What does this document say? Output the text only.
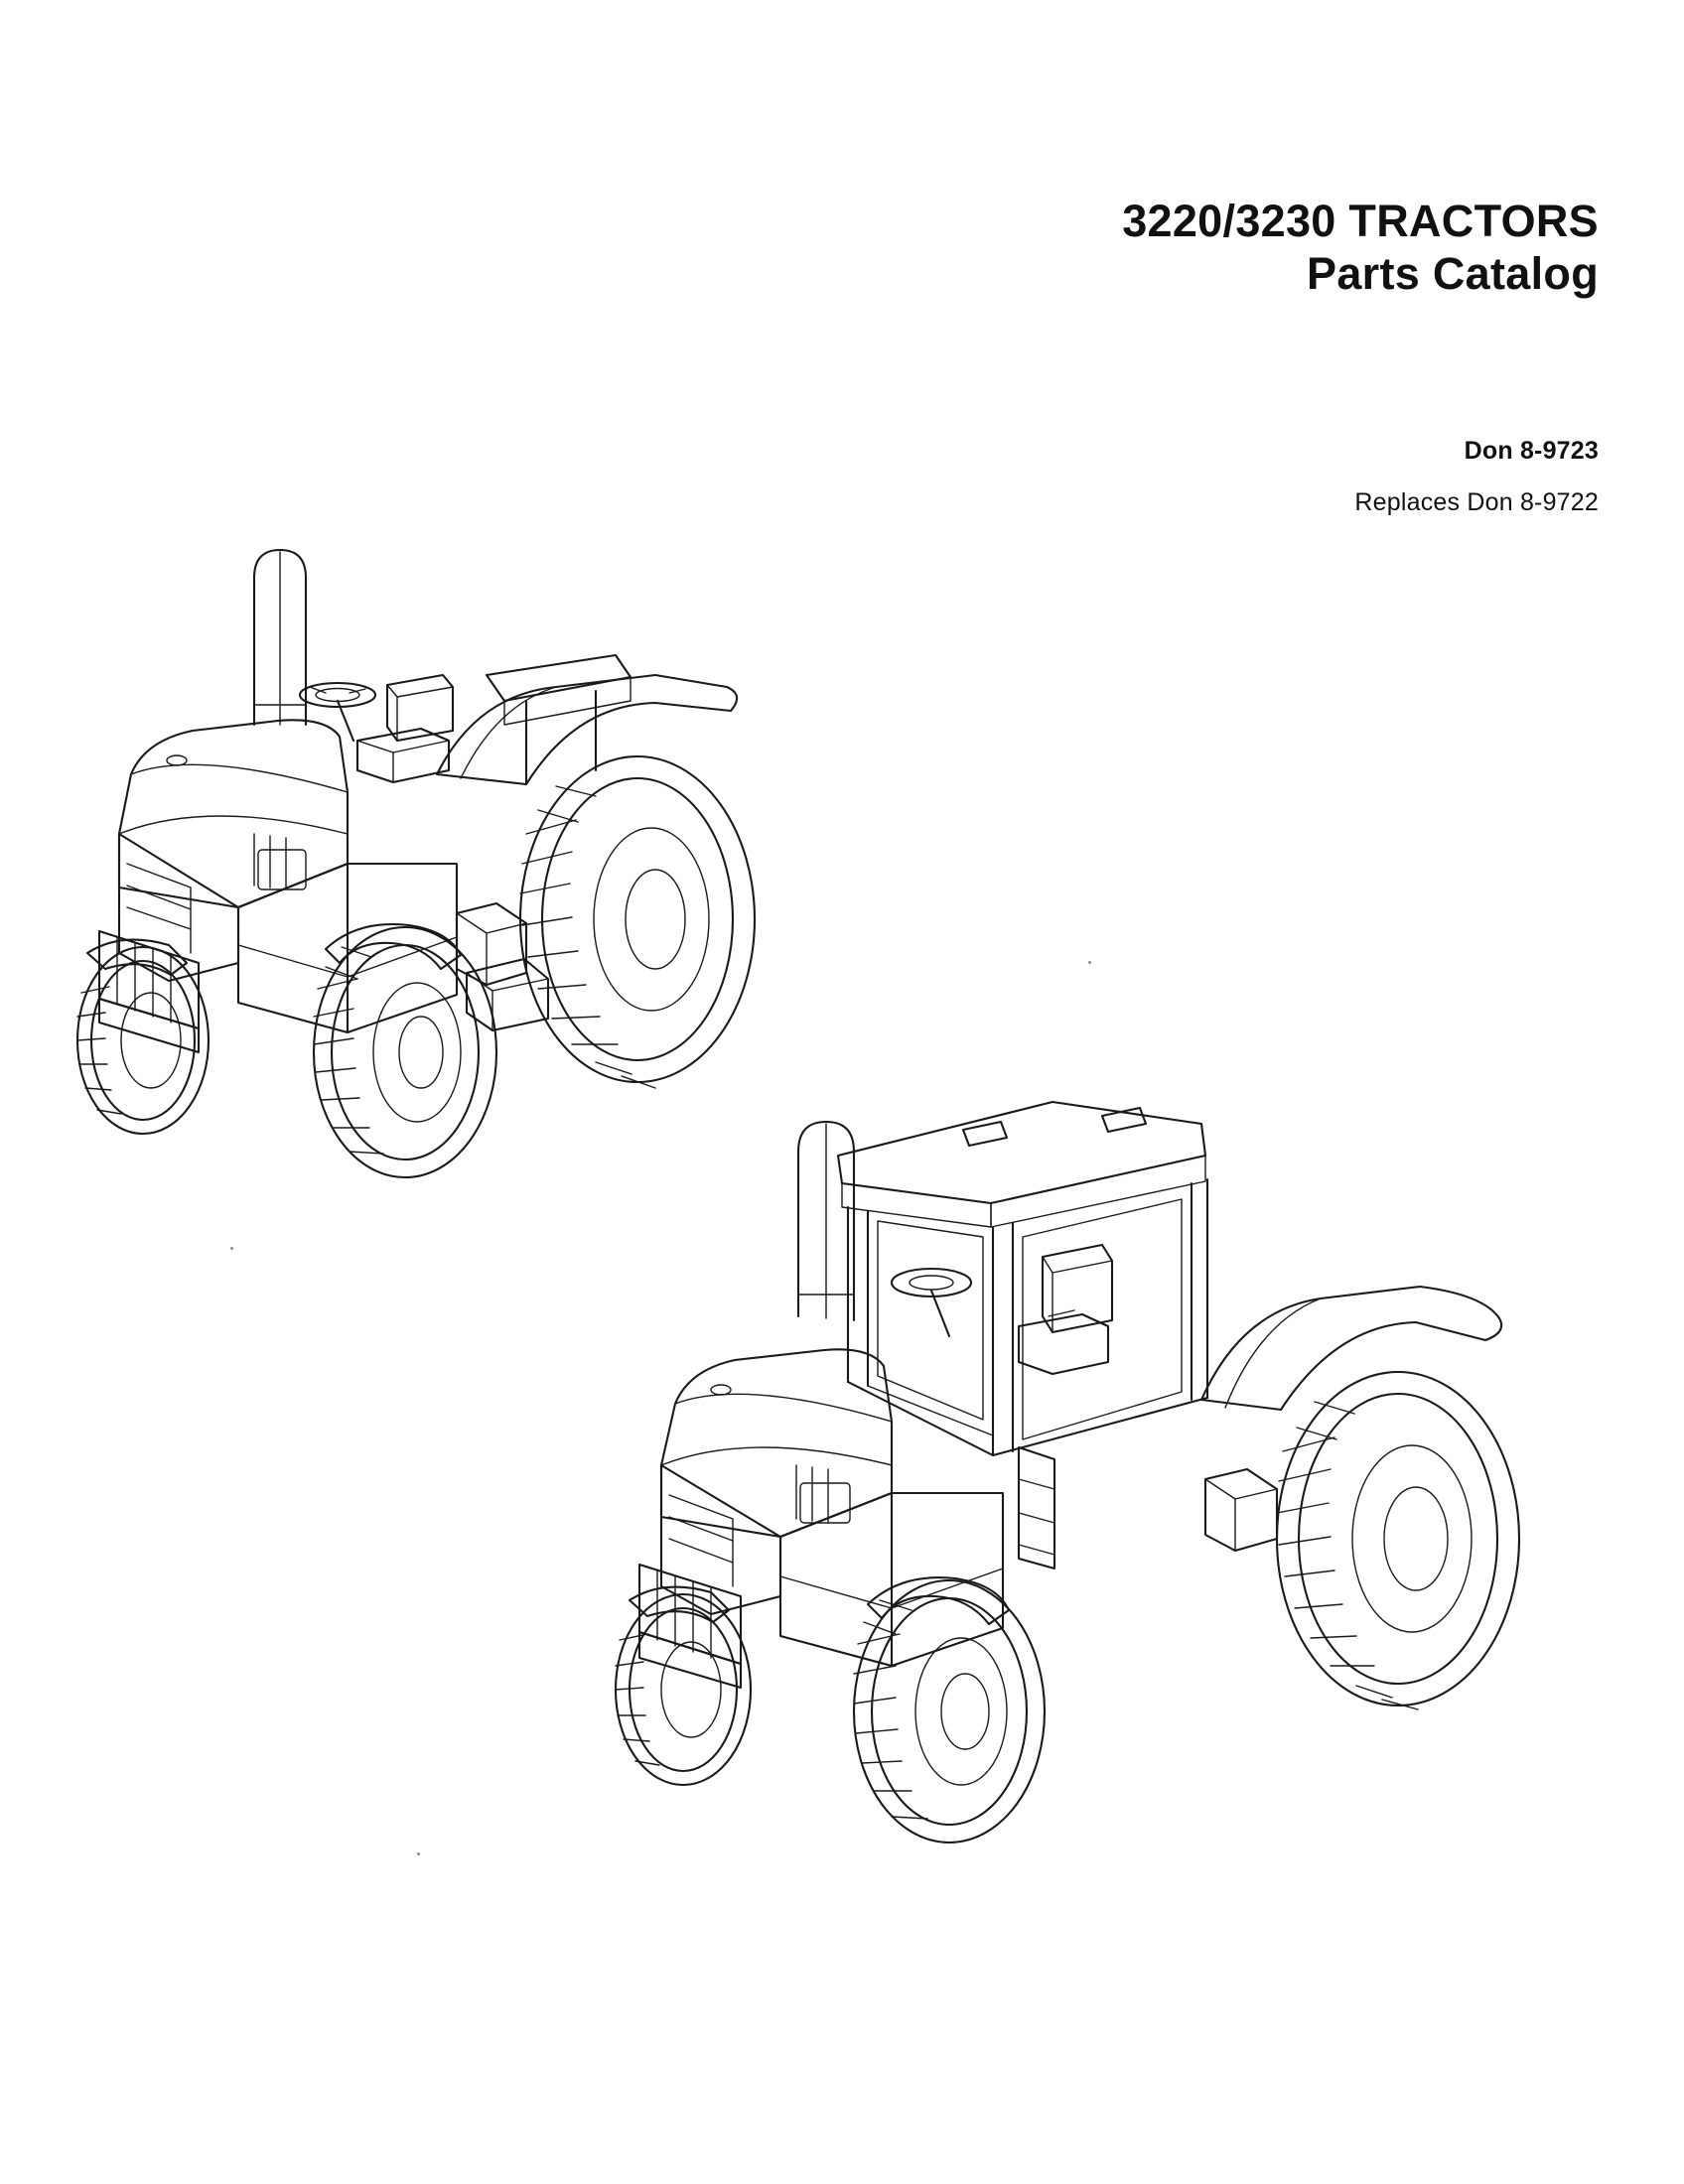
3220/3230 TRACTORS
Parts Catalog
Don 8-9723
Replaces Don 8-9722
